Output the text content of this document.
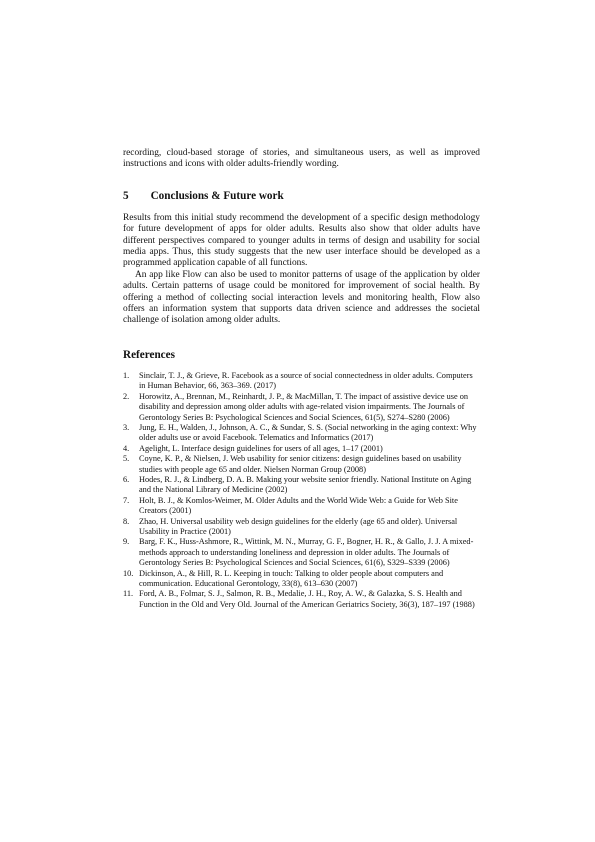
recording, cloud-based storage of stories, and simultaneous users, as well as improved instructions and icons with older adults-friendly wording.

5 Conclusions & Future work

Results from this initial study recommend the development of a specific design methodology for future development of apps for older adults. Results also show that older adults have different perspectives compared to younger adults in terms of design and usability for social media apps. Thus, this study suggests that the new user interface should be developed as a programmed application capable of all functions.

An app like Flow can also be used to monitor patterns of usage of the application by older adults. Certain patterns of usage could be monitored for improvement of social health. By offering a method of collecting social interaction levels and monitoring health, Flow also offers an information system that supports data driven science and addresses the societal challenge of isolation among older adults.

References
1.	Sinclair, T. J., & Grieve, R. Facebook as a source of social connectedness in older adults. Computers in Human Behavior, 66, 363–369. (2017)
2.	Horowitz, A., Brennan, M., Reinhardt, J. P., & MacMillan, T. The impact of assistive device use on disability and depression among older adults with age-related vision impairments. The Journals of Gerontology Series B: Psychological Sciences and Social Sciences, 61(5), S274–S280 (2006)
3.	Jung, E. H., Walden, J., Johnson, A. C., & Sundar, S. S. (Social networking in the aging context: Why older adults use or avoid Facebook. Telematics and Informatics (2017)
4.	Agelight, L. Interface design guidelines for users of all ages, 1–17 (2001)
5.	Coyne, K. P., & Nielsen, J. Web usability for senior citizens: design guidelines based on usability studies with people age 65 and older. Nielsen Norman Group (2008)
6.	Hodes, R. J., & Lindberg, D. A. B. Making your website senior friendly. National Institute on Aging and the National Library of Medicine (2002)
7.	Holt, B. J., & Komlos-Weimer, M. Older Adults and the World Wide Web: a Guide for Web Site Creators (2001)
8.	Zhao, H. Universal usability web design guidelines for the elderly (age 65 and older). Universal Usability in Practice (2001)
9.	Barg, F. K., Huss-Ashmore, R., Wittink, M. N., Murray, G. F., Bogner, H. R., & Gallo, J. J. A mixed-methods approach to understanding loneliness and depression in older adults. The Journals of Gerontology Series B: Psychological Sciences and Social Sciences, 61(6), S329–S339 (2006)
10. Dickinson, A., & Hill, R. L. Keeping in touch: Talking to older people about computers and communication. Educational Gerontology, 33(8), 613–630 (2007)
11. Ford, A. B., Folmar, S. J., Salmon, R. B., Medalie, J. H., Roy, A. W., & Galazka, S. S. Health and Function in the Old and Very Old. Journal of the American Geriatrics Society, 36(3), 187–197 (1988)
